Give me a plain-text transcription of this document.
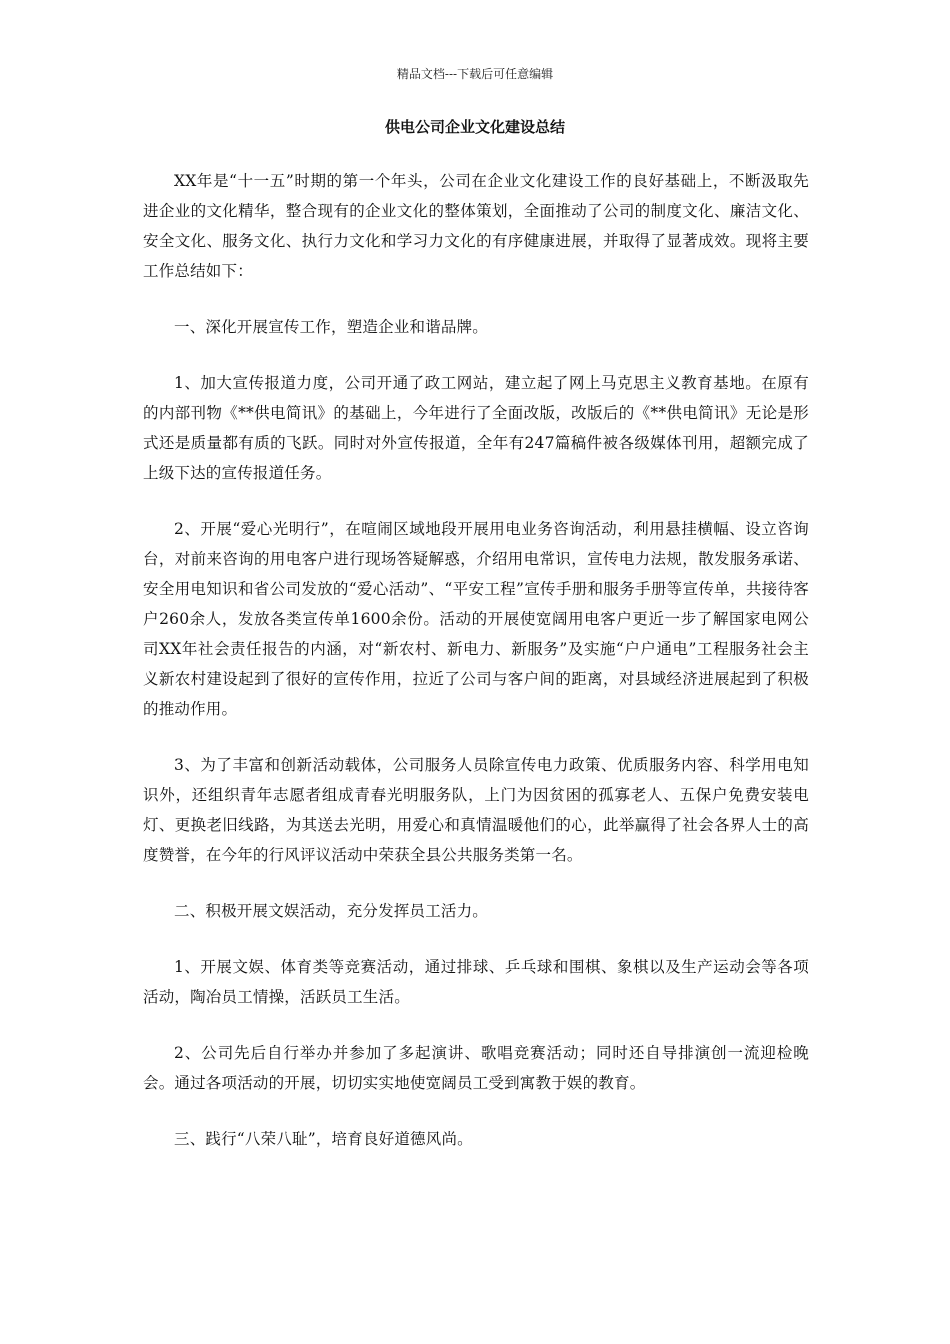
精品文档---下载后可任意编辑
供电公司企业文化建设总结

XX年是“十一五”时期的第一个年头，公司在企业文化建设工作的良好基础上，不断汲取先进企业的文化精华，整合现有的企业文化的整体策划，全面推动了公司的制度文化、廉洁文化、安全文化、服务文化、执行力文化和学习力文化的有序健康进展，并取得了显著成效。现将主要工作总结如下：

一、深化开展宣传工作，塑造企业和谐品牌。

1、加大宣传报道力度，公司开通了政工网站，建立起了网上马克思主义教育基地。在原有的内部刊物《**供电简讯》的基础上，今年进行了全面改版，改版后的《**供电简讯》无论是形式还是质量都有质的飞跃。同时对外宣传报道，全年有247篇稿件被各级媒体刊用，超额完成了上级下达的宣传报道任务。

2、开展“爱心光明行”，在喧闹区域地段开展用电业务咨询活动，利用悬挂横幅、设立咨询台，对前来咨询的用电客户进行现场答疑解惑，介绍用电常识，宣传电力法规，散发服务承诺、安全用电知识和省公司发放的“爱心活动”、“平安工程”宣传手册和服务手册等宣传单，共接待客户260余人，发放各类宣传单1600余份。活动的开展使宽阔用电客户更近一步了解国家电网公司XX年社会责任报告的内涵，对“新农村、新电力、新服务”及实施“户户通电”工程服务社会主义新农村建设起到了很好的宣传作用，拉近了公司与客户间的距离，对县域经济进展起到了积极的推动作用。

3、为了丰富和创新活动载体，公司服务人员除宣传电力政策、优质服务内容、科学用电知识外，还组织青年志愿者组成青春光明服务队，上门为因贫困的孤寡老人、五保户免费安装电灯、更换老旧线路，为其送去光明，用爱心和真情温暖他们的心，此举赢得了社会各界人士的高度赞誉，在今年的行风评议活动中荣获全县公共服务类第一名。

二、积极开展文娱活动，充分发挥员工活力。

1、开展文娱、体育类等竞赛活动，通过排球、乒乓球和围棋、象棋以及生产运动会等各项活动，陶冶员工情操，活跃员工生活。

2、公司先后自行举办并参加了多起演讲、歌唱竞赛活动；同时还自导排演创一流迎检晚会。通过各项活动的开展，切切实实地使宽阔员工受到寓教于娱的教育。

三、践行“八荣八耻”，培育良好道德风尚。
